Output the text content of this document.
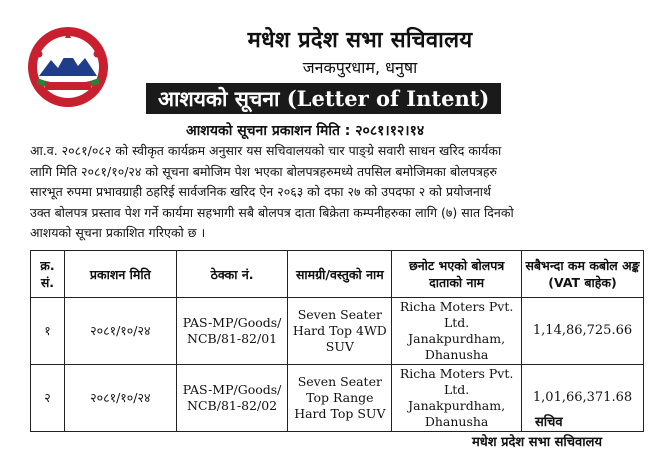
मधेश प्रदेश सभा सचिवालय
जनकपुरधाम, धनुषा
आशयको सूचना (Letter of Intent)
आशयको सूचना प्रकाशन मिति : २०८१।१२।१४
आ.व. २०८१/०८२ को स्वीकृत कार्यक्रम अनुसार यस सचिवालयको चार पाङ्ग्रे सवारी साधन खरिद कार्यका
लागि मिति २०८१/१०/२४ को सूचना बमोजिम पेश भएका बोलपत्रहरुमध्ये तपसिल बमोजिमका बोलपत्रहरु
सारभूत रुपमा प्रभावग्राही ठहरिई सार्वजनिक खरिद ऐन २०६३ को दफा २७ को उपदफा २ को प्रयोजनार्थ
उक्त बोलपत्र प्रस्ताव पेश गर्ने कार्यमा सहभागी सबै बोलपत्र दाता बिक्रेता कम्पनीहरुका लागि (७) सात दिनको
आशयको सूचना प्रकाशित गरिएको छ ।
क्र. सं.	प्रकाशन मिति	ठेक्का नं.	सामग्री/वस्तुको नाम	छनोट भएको बोलपत्र दाताको नाम	सबैभन्दा कम कबोल अङ्क (VAT बाहेक)
१	२०८१/१०/२४	PAS-MP/Goods/ NCB/81-82/01	Seven Seater Hard Top 4WD SUV	Richa Moters Pvt. Ltd. Janakpurdham, Dhanusha	1,14,86,725.66
२	२०८१/१०/२४	PAS-MP/Goods/ NCB/81-82/02	Seven Seater Top Range Hard Top SUV	Richa Moters Pvt. Ltd. Janakpurdham, Dhanusha	1,01,66,371.68
सचिव
मधेश प्रदेश सभा सचिवालय
